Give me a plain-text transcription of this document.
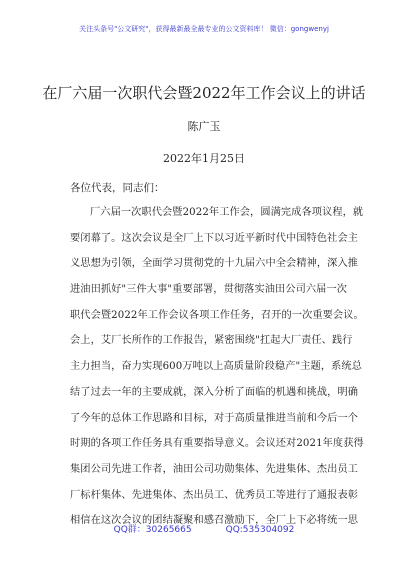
关注头条号"公文研究"，获得最新最全最专业的公文资料库！ 微信：gongwenyj
在厂六届一次职代会暨2022年工作会议上的讲话
陈广玉
2022年1月25日
各位代表，同志们：
厂六届一次职代会暨2022年工作会，圆满完成各项议程，就
要闭幕了。这次会议是全厂上下以习近平新时代中国特色社会主
义思想为引领，全面学习贯彻党的十九届六中全会精神，深入推
进油田抓好"三件大事"重要部署，贯彻落实油田公司六届一次
职代会暨2022年工作会议各项工作任务，召开的一次重要会议。
会上，艾厂长所作的工作报告，紧密围绕"扛起大厂责任、践行
主力担当，奋力实现600万吨以上高质量阶段稳产"主题，系统总
结了过去一年的主要成就，深入分析了面临的机遇和挑战，明确
了今年的总体工作思路和目标，对于高质量推进当前和今后一个
时期的各项工作任务具有重要指导意义。会议还对2021年度获得
集团公司先进工作者，油田公司功勋集体、先进集体、杰出员工
厂标杆集体、先进集体、杰出员工、优秀员工等进行了通报表彰
相信在这次会议的团结凝聚和感召激励下，全厂上下必将统一思
QQ群：30265665	QQ:535304092
